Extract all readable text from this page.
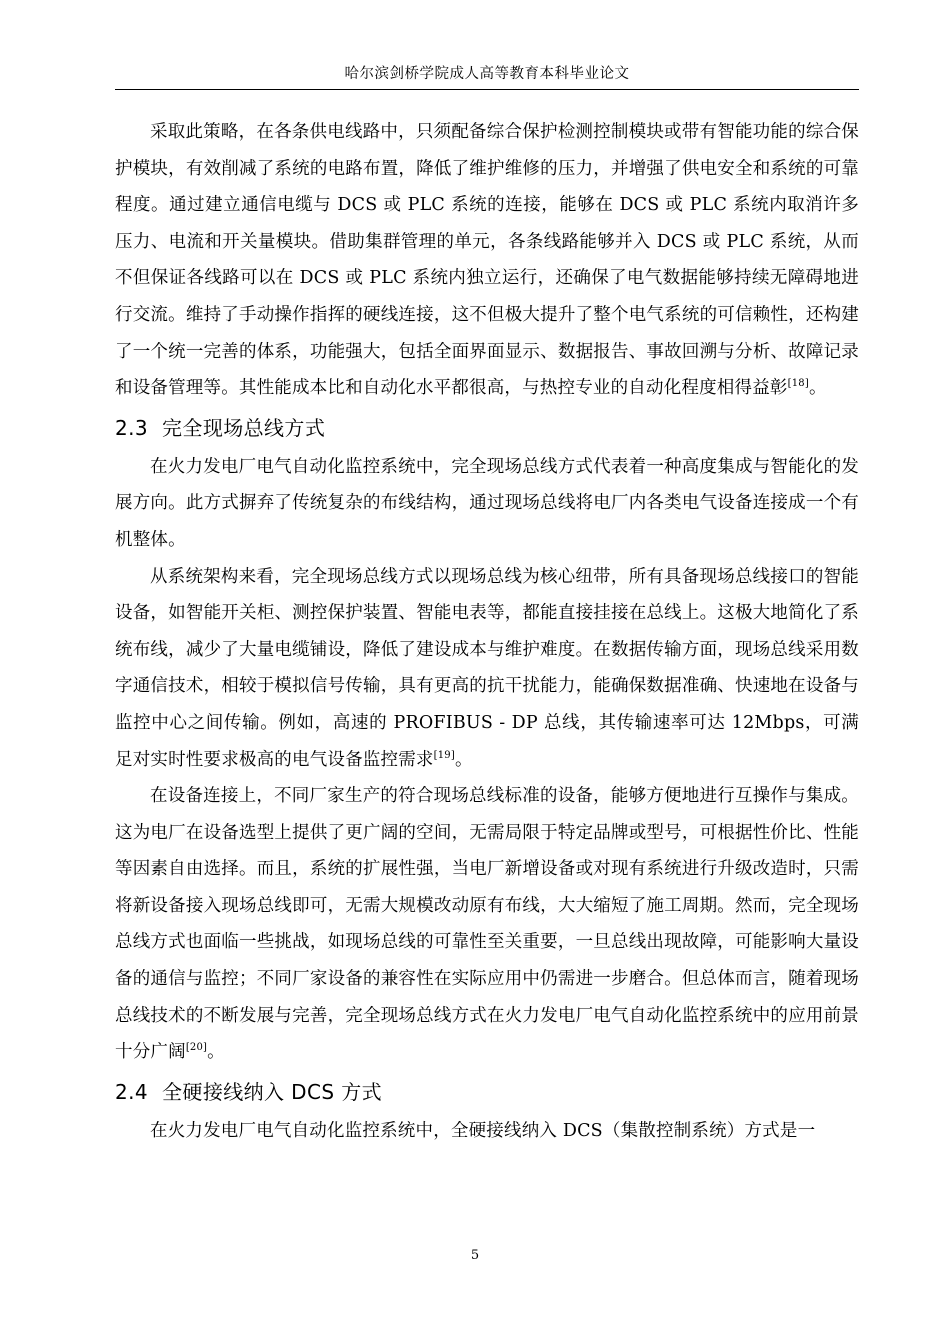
哈尔滨剑桥学院成人高等教育本科毕业论文

采取此策略，在各条供电线路中，只须配备综合保护检测控制模块或带有智能功能的综合保护模块，有效削减了系统的电路布置，降低了维护维修的压力，并增强了供电安全和系统的可靠程度。通过建立通信电缆与 DCS 或 PLC 系统的连接，能够在 DCS 或 PLC 系统内取消许多压力、电流和开关量模块。借助集群管理的单元，各条线路能够并入 DCS 或 PLC 系统，从而不但保证各线路可以在 DCS 或 PLC 系统内独立运行，还确保了电气数据能够持续无障碍地进行交流。维持了手动操作指挥的硬线连接，这不但极大提升了整个电气系统的可信赖性，还构建了一个统一完善的体系，功能强大，包括全面界面显示、数据报告、事故回溯与分析、故障记录和设备管理等。其性能成本比和自动化水平都很高，与热控专业的自动化程度相得益彰[18]。

2.3 完全现场总线方式

在火力发电厂电气自动化监控系统中，完全现场总线方式代表着一种高度集成与智能化的发展方向。此方式摒弃了传统复杂的布线结构，通过现场总线将电厂内各类电气设备连接成一个有机整体。

从系统架构来看，完全现场总线方式以现场总线为核心纽带，所有具备现场总线接口的智能设备，如智能开关柜、测控保护装置、智能电表等，都能直接挂接在总线上。这极大地简化了系统布线，减少了大量电缆铺设，降低了建设成本与维护难度。在数据传输方面，现场总线采用数字通信技术，相较于模拟信号传输，具有更高的抗干扰能力，能确保数据准确、快速地在设备与监控中心之间传输。例如，高速的 PROFIBUS - DP 总线，其传输速率可达 12Mbps，可满足对实时性要求极高的电气设备监控需求[19]。

在设备连接上，不同厂家生产的符合现场总线标准的设备，能够方便地进行互操作与集成。这为电厂在设备选型上提供了更广阔的空间，无需局限于特定品牌或型号，可根据性价比、性能等因素自由选择。而且，系统的扩展性强，当电厂新增设备或对现有系统进行升级改造时，只需将新设备接入现场总线即可，无需大规模改动原有布线，大大缩短了施工周期。然而，完全现场总线方式也面临一些挑战，如现场总线的可靠性至关重要，一旦总线出现故障，可能影响大量设备的通信与监控；不同厂家设备的兼容性在实际应用中仍需进一步磨合。但总体而言，随着现场总线技术的不断发展与完善，完全现场总线方式在火力发电厂电气自动化监控系统中的应用前景十分广阔[20]。

2.4 全硬接线纳入 DCS 方式

在火力发电厂电气自动化监控系统中，全硬接线纳入 DCS（集散控制系统）方式是一

5
